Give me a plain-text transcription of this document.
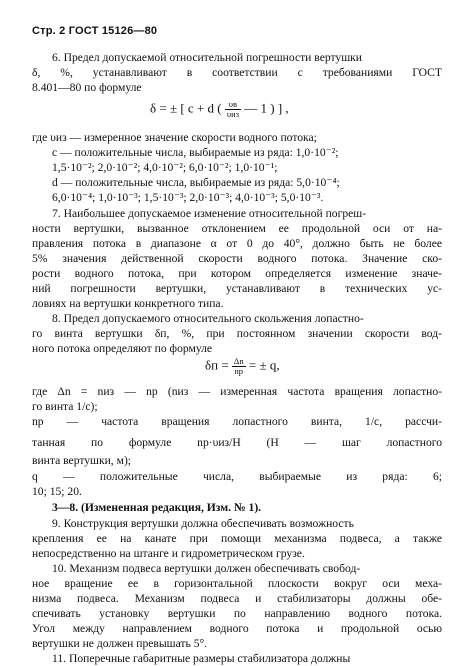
Стр. 2 ГОСТ 15126—80
6. Предел допускаемой относительной погрешности вертушки
δ, %, устанавливают в соответствии с требованиями ГОСТ
8.401—80 по формуле
где υиз — измеренное значение скорости водного потока;
c — положительные числа, выбираемые из ряда: 1,0·10⁻²;
1,5·10⁻²; 2,0·10⁻²; 4,0·10⁻²; 6,0·10⁻²; 1,0·10⁻¹;
d — положительные числа, выбираемые из ряда: 5,0·10⁻⁴;
6,0·10⁻⁴; 1,0·10⁻³; 1,5·10⁻³; 2,0·10⁻³; 4,0·10⁻³; 5,0·10⁻³.
7. Наибольшее допускаемое изменение относительной погреш-
ности вертушки, вызванное отклонением ее продольной оси от на-
правления потока в диапазоне α от 0 до 40°, должно быть не более
5% значения действенной скорости водного потока. Значение ско-
рости водного потока, при котором определяется изменение значе-
ний погрешности вертушки, устанавливают в технических ус-
ловиях на вертушки конкретного типа.
8. Предел допускаемого относительного скольжения лопастно-
го винта вертушки δп, %, при постоянном значении скорости вод-
ного потока определяют по формуле
где Δn = nиз — nр (nиз — измеренная частота вращения лопастно-
го винта 1/с);
nр — частота вращения лопастного винта, 1/с, рассчи-
танная по формуле nр·υиз/H (H — шаг лопастного
винта вертушки, м);
q — положительные числа, выбираемые из ряда: 6;
10; 15; 20.
3—8. (Измененная редакция, Изм. № 1).
9. Конструкция вертушки должна обеспечивать возможность
крепления ее на канате при помощи механизма подвеса, а также
непосредственно на штанге и гидрометрическом грузе.
10. Механизм подвеса вертушки должен обеспечивать свобод-
ное вращение ее в горизонтальной плоскости вокруг оси меха-
низма подвеса. Механизм подвеса и стабилизаторы должны обе-
спечивать установку вертушки по направлению водного потока.
Угол между направлением водного потока и продольной осью
вертушки не должен превышать 5°.
11. Поперечные габаритные размеры стабилизатора должны
δ = ± [ c + d ( $\frac{\upsilon в}{\text{υиз}}$ — 1 ) ] ,
$\delta п = \frac{\Delta n}{nр}$ = ± q,
